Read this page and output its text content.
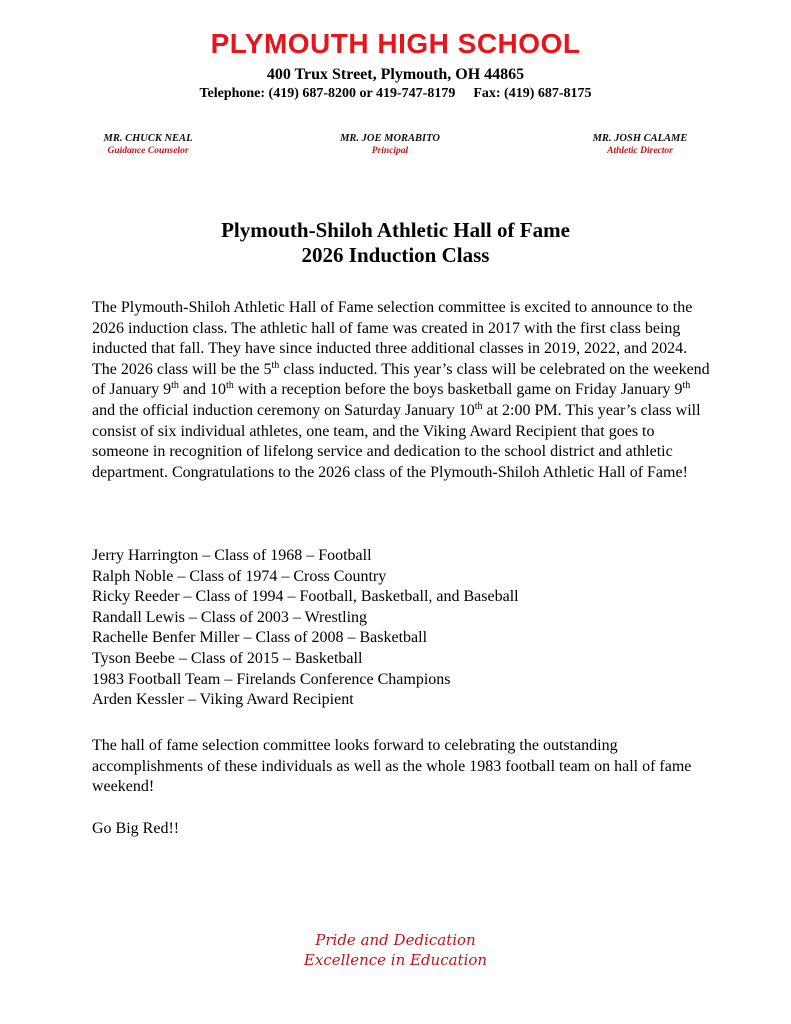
PLYMOUTH HIGH SCHOOL
400 Trux Street, Plymouth, OH 44865
Telephone: (419) 687-8200 or 419-747-8179 Fax: (419) 687-8175
MR. CHUCK NEAL
Guidance Counselor
MR. JOE MORABITO
Principal
MR. JOSH CALAME
Athletic Director
Plymouth-Shiloh Athletic Hall of Fame
2026 Induction Class
The Plymouth-Shiloh Athletic Hall of Fame selection committee is excited to announce to the 2026 induction class. The athletic hall of fame was created in 2017 with the first class being inducted that fall. They have since inducted three additional classes in 2019, 2022, and 2024. The 2026 class will be the 5th class inducted. This year’s class will be celebrated on the weekend of January 9th and 10th with a reception before the boys basketball game on Friday January 9th and the official induction ceremony on Saturday January 10th at 2:00 PM. This year’s class will consist of six individual athletes, one team, and the Viking Award Recipient that goes to someone in recognition of lifelong service and dedication to the school district and athletic department. Congratulations to the 2026 class of the Plymouth-Shiloh Athletic Hall of Fame!
Jerry Harrington – Class of 1968 – Football
Ralph Noble – Class of 1974 – Cross Country
Ricky Reeder – Class of 1994 – Football, Basketball, and Baseball
Randall Lewis – Class of 2003 – Wrestling
Rachelle Benfer Miller – Class of 2008 – Basketball
Tyson Beebe – Class of 2015 – Basketball
1983 Football Team – Firelands Conference Champions
Arden Kessler – Viking Award Recipient
The hall of fame selection committee looks forward to celebrating the outstanding accomplishments of these individuals as well as the whole 1983 football team on hall of fame weekend!
Go Big Red!!
Pride and Dedication
Excellence in Education
